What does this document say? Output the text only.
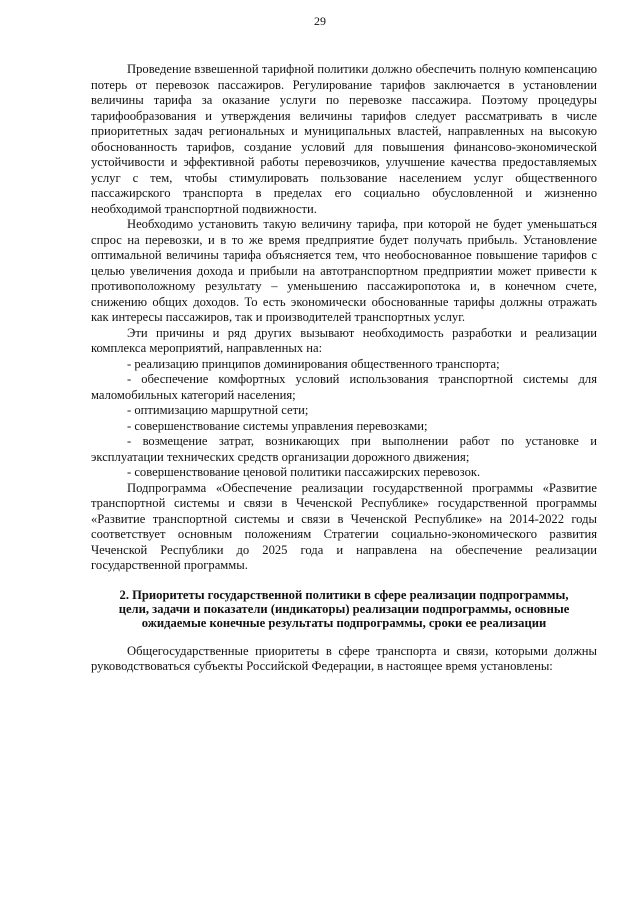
29

Проведение взвешенной тарифной политики должно обеспечить полную компенсацию потерь от перевозок пассажиров. Регулирование тарифов заключается в установлении величины тарифа за оказание услуги по перевозке пассажира. Поэтому процедуры тарифообразования и утверждения величины тарифов следует рассматривать в числе приоритетных задач региональных и муниципальных властей, направленных на высокую обоснованность тарифов, создание условий для повышения финансово-экономической устойчивости и эффективной работы перевозчиков, улучшение качества предоставляемых услуг с тем, чтобы стимулировать пользование населением услуг общественного пассажирского транспорта в пределах его социально обусловленной и жизненно необходимой транспортной подвижности.

Необходимо установить такую величину тарифа, при которой не будет уменьшаться спрос на перевозки, и в то же время предприятие будет получать прибыль. Установление оптимальной величины тарифа объясняется тем, что необоснованное повышение тарифов с целью увеличения дохода и прибыли на автотранспортном предприятии может привести к противоположному результату – уменьшению пассажиропотока и, в конечном счете, снижению общих доходов. То есть экономически обоснованные тарифы должны отражать как интересы пассажиров, так и производителей транспортных услуг.

Эти причины и ряд других вызывают необходимость разработки и реализации комплекса мероприятий, направленных на:

- реализацию принципов доминирования общественного транспорта;

- обеспечение комфортных условий использования транспортной системы для маломобильных категорий населения;

- оптимизацию маршрутной сети;

- совершенствование системы управления перевозками;

- возмещение затрат, возникающих при выполнении работ по установке и эксплуатации технических средств организации дорожного движения;

- совершенствование ценовой политики пассажирских перевозок.

Подпрограмма «Обеспечение реализации государственной программы «Развитие транспортной системы и связи в Чеченской Республике» государственной программы «Развитие транспортной системы и связи в Чеченской Республике» на 2014-2022 годы соответствует основным положениям Стратегии социально-экономического развития Чеченской Республики до 2025 года и направлена на обеспечение реализации государственной программы.

2. Приоритеты государственной политики в сфере реализации подпрограммы, цели, задачи и показатели (индикаторы) реализации подпрограммы, основные ожидаемые конечные результаты подпрограммы, сроки ее реализации

Общегосударственные приоритеты в сфере транспорта и связи, которыми должны руководствоваться субъекты Российской Федерации, в настоящее время установлены:
